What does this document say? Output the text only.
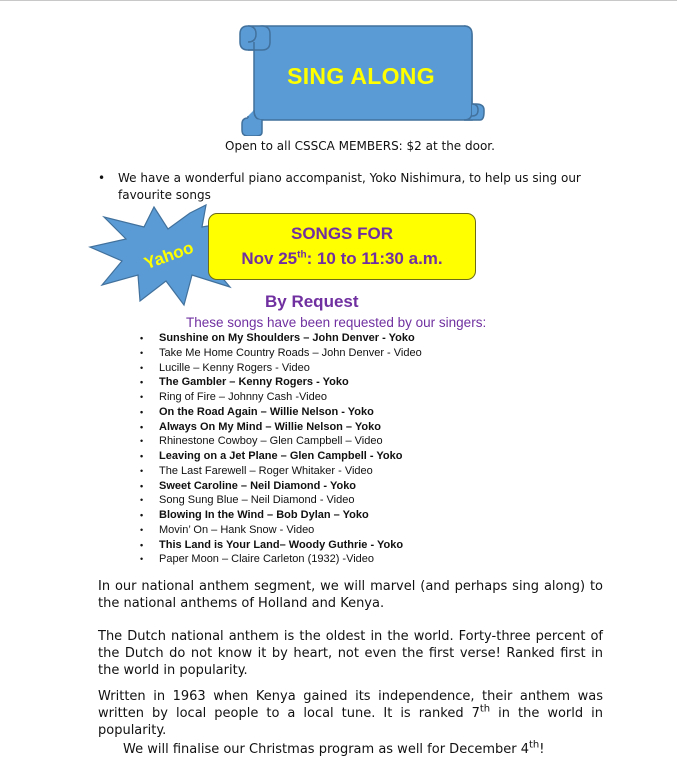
SING ALONG
Open to all CSSCA MEMBERS: $2 at the door.
• We have a wonderful piano accompanist, Yoko Nishimura, to help us sing our favourite songs
Yahoo
SONGS FOR
Nov 25th: 10 to 11:30 a.m.
By Request
These songs have been requested by our singers:
• Sunshine on My Shoulders – John Denver - Yoko
• Take Me Home Country Roads – John Denver - Video
• Lucille – Kenny Rogers - Video
• The Gambler – Kenny Rogers - Yoko
• Ring of Fire – Johnny Cash -Video
• On the Road Again – Willie Nelson - Yoko
• Always On My Mind – Willie Nelson – Yoko
• Rhinestone Cowboy – Glen Campbell – Video
• Leaving on a Jet Plane – Glen Campbell - Yoko
• The Last Farewell – Roger Whitaker - Video
• Sweet Caroline – Neil Diamond - Yoko
• Song Sung Blue – Neil Diamond - Video
• Blowing In the Wind – Bob Dylan – Yoko
• Movin’ On – Hank Snow - Video
• This Land is Your Land– Woody Guthrie - Yoko
• Paper Moon – Claire Carleton (1932) -Video
In our national anthem segment, we will marvel (and perhaps sing along) to the national anthems of Holland and Kenya.
The Dutch national anthem is the oldest in the world. Forty-three percent of the Dutch do not know it by heart, not even the first verse! Ranked first in the world in popularity.
Written in 1963 when Kenya gained its independence, their anthem was written by local people to a local tune. It is ranked 7th in the world in popularity.
We will finalise our Christmas program as well for December 4th!
